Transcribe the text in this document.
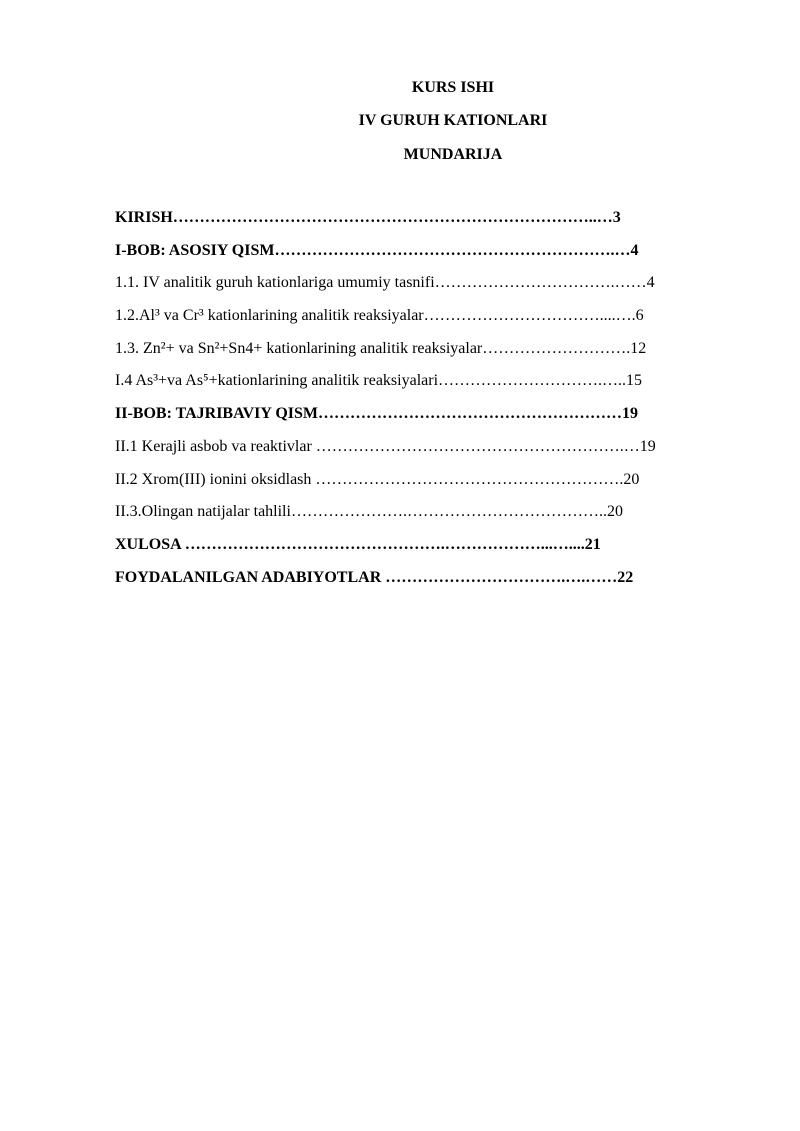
KURS ISHI
IV GURUH KATIONLARI
MUNDARIJA
KIRISH……………………………………………………………………..…3
I-BOB: ASOSIY QISM……………………………………………………….…4
1.1. IV analitik guruh kationlariga umumiy tasnifi…………………………….……4
1.2.Al³ va Cr³ kationlarining analitik reaksiyalar……………………………....….6
1.3. Zn²+ va Sn²+Sn4+ kationlarining analitik reaksiyalar……………………….12
I.4 As³+va As⁵+kationlarining analitik reaksiyalari………………………….…..15
II-BOB: TAJRIBAVIY QISM…………………………………………………19
II.1 Kerajli asbob va reaktivlar ………………………………………………….…19
II.2 Xrom(III) ionini oksidlash ………………………………………………….20
II.3.Olingan natijalar tahlili………………….………………………………..20
XULOSA ………………………………………….………………...…....21
FOYDALANILGAN ADABIYOTLAR …………………………….….……22
